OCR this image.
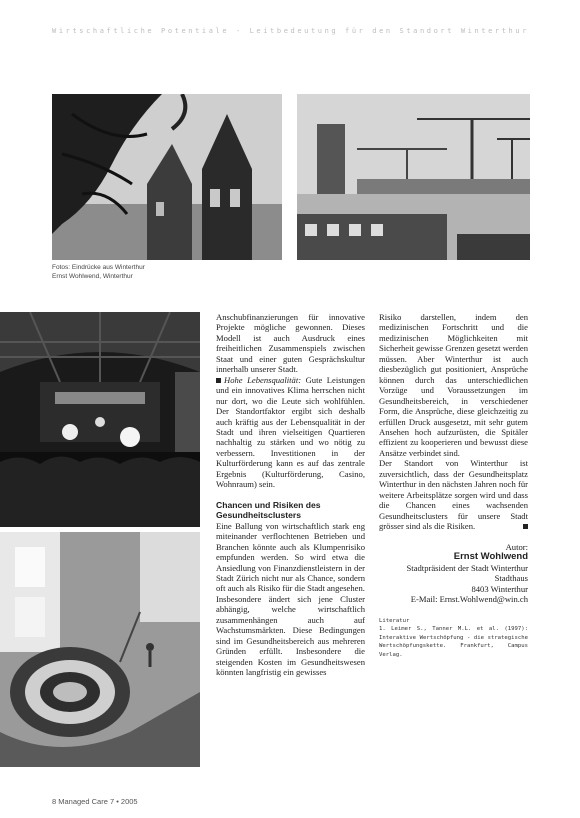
Wirtschaftliche Potentiale - Leitbedeutung für den Standort Winterthur
Fotos: Eindrücke aus Winterthur
Ernst Wohlwend, Winterthur

Anschubfinanzierungen für innovative Projekte mögliche gewonnen. Dieses Modell ist auch Ausdruck eines freiheitlichen Zusammenspiels zwischen Staat und einer guten Gesprächskultur innerhalb unserer Stadt.

Hohe Lebensqualität: Gute Leistungen und ein innovatives Klima herrschen nicht nur dort, wo die Leute sich wohlfühlen. Der Standortfaktor ergibt sich deshalb auch kräftig aus der Lebensqualität in der Stadt und ihren vielseitigen Quartieren nachhaltig zu stärken und wo nötig zu verbessern. Investitionen in der Kulturförderung kann es auf das zentrale Ergebnis (Kulturförderung, Casino, Wohnraum) sein.

Chancen und Risiken des

Gesundheitsclusters

Eine Ballung von wirtschaftlich stark eng miteinander verflochtenen Betrieben und Branchen könnte auch als Klumpenrisiko empfunden werden. So wird etwa die Ansiedlung von Finanzdienstleistern in der Stadt Zürich nicht nur als Chance, sondern oft auch als Risiko für die Stadt angesehen.

Insbesondere ändert sich jene Cluster abhängig, welche wirtschaftlich zusammenhängen auch auf Wachstumsmärkten. Diese Bedingungen sind im Gesundheitsbereich aus mehreren Gründen erfüllt. Insbesondere die steigenden Kosten im Gesundheitswesen könnten langfristig ein gewisses

Risiko darstellen, indem den medizinischen Fortschritt und die medizinischen Möglichkeiten mit Sicherheit gewisse Grenzen gesetzt werden müssen. Aber Winterthur ist auch diesbezüglich gut positioniert, Ansprüche können durch das unterschiedlichen Vorzüge und Voraussetzungen im Gesundheitsbereich, in verschiedener Form, die Ansprüche, diese gleichzeitig zu erfüllen Druck ausgesetzt, mit sehr gutem Ansehen hoch aufzurüsten, die Spitäler effizient zu kooperieren und bewusst diese Ansätze verbindet sind.

Der Standort von Winterthur ist zuversichtlich, dass der Gesundheitsplatz Winterthur in den nächsten Jahren noch für weitere Arbeitsplätze sorgen wird und dass die Chancen eines wachsenden Gesundheitsclusters für unsere Stadt grösser sind als die Risiken.

Autor:
Ernst Wohlwend
Stadtpräsident der Stadt Winterthur
Stadthaus
8403 Winterthur
E-Mail: Ernst.Wohlwend@win.ch
Literatur
1. Leimer S., Tanner M.L. et al. (1997): Interaktive Wertschöpfung - die strategische Wertschöpfungskette. Frankfurt, Campus Verlag.
8 Managed Care 7 • 2005
